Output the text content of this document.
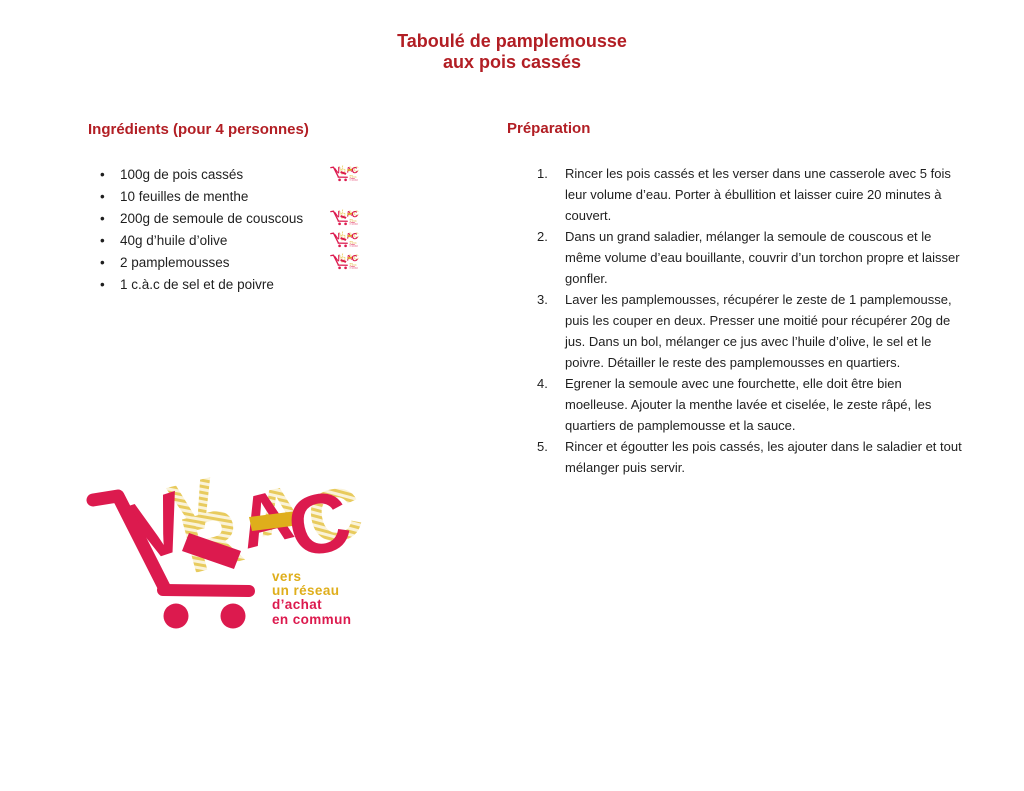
Taboulé de pamplemousse
aux pois cassés
Ingrédients (pour 4 personnes)	Préparation
• 100g de pois cassés
• 10 feuilles de menthe
• 200g de semoule de couscous
• 40g d’huile d’olive
• 2 pamplemousses
• 1 c.à.c de sel et de poivre
1.	Rincer les pois cassés et les verser dans une casserole avec 5 fois leur volume d’eau. Porter à ébullition et laisser cuire 20 minutes à couvert.
2.	Dans un grand saladier, mélanger la semoule de couscous et le même volume d’eau bouillante, couvrir d’un torchon propre et laisser gonfler.
3.	Laver les pamplemousses, récupérer le zeste de 1 pamplemousse, puis les couper en deux. Presser une moitié pour récupérer 20g de jus. Dans un bol, mélanger ce jus avec l’huile d’olive, le sel et le poivre. Détailler le reste des pamplemousses en quartiers.
4.	Egrener la semoule avec une fourchette, elle doit être bien moelleuse. Ajouter la menthe lavée et ciselée, le zeste râpé, les quartiers de pamplemousse et la sauce.
5.	Rincer et égoutter les pois cassés, les ajouter dans le saladier et tout mélanger puis servir.
